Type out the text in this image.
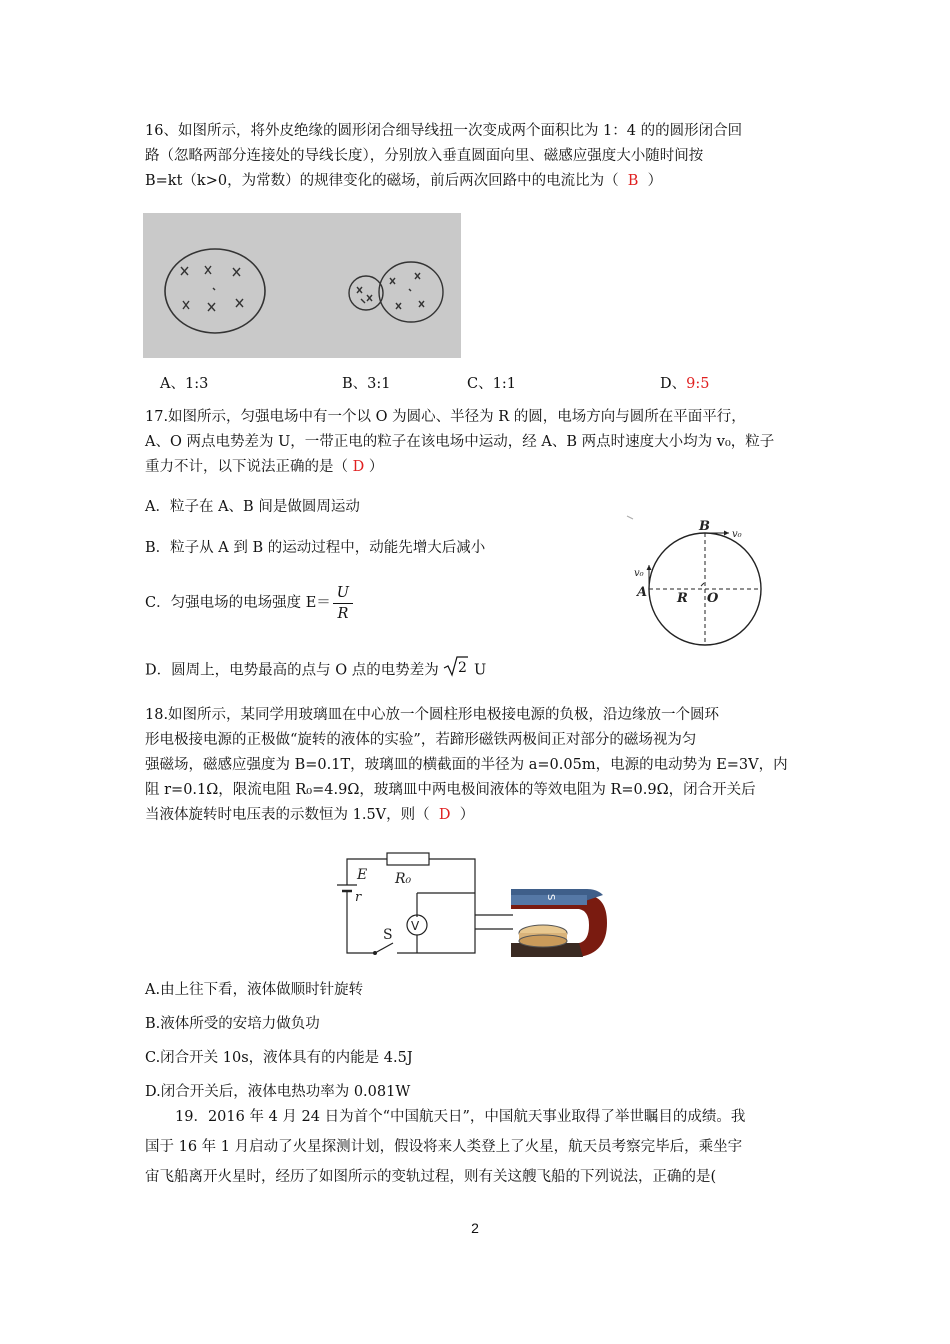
16、如图所示，将外皮绝缘的圆形闭合细导线扭一次变成两个面积比为 1：4 的的圆形闭合回
路（忽略两部分连接处的导线长度），分别放入垂直圆面向里、磁感应强度大小随时间按
B=kt（k>0，为常数）的规律变化的磁场，前后两次回路中的电流比为（ B ）
A、1:3	B、3:1	C、1:1	D、9:5
17.如图所示，匀强电场中有一个以 O 为圆心、半径为 R 的圆，电场方向与圆所在平面平行，
A、O 两点电势差为 U，一带正电的粒子在该电场中运动，经 A、B 两点时速度大小均为 v₀，粒子
重力不计，以下说法正确的是（ D ）
A．粒子在 A、B 间是做圆周运动
B．粒子从 A 到 B 的运动过程中，动能先增大后减小
C．匀强电场的电场强度 $E= \frac{U}{R}$
D．圆周上，电势最高的点与 O 点的电势差为 2 U
B
v₀
v₀
A R O
18.如图所示，某同学用玻璃皿在中心放一个圆柱形电极接电源的负极，沿边缘放一个圆环
形电极接电源的正极做“旋转的液体的实验”，若蹄形磁铁两极间正对部分的磁场视为匀
强磁场，磁感应强度为 B=0.1T，玻璃皿的横截面的半径为 a=0.05m，电源的电动势为 E=3V，内
阻 r=0.1Ω，限流电阻 R₀=4.9Ω，玻璃皿中两电极间液体的等效电阻为 R=0.9Ω，闭合开关后
当液体旋转时电压表的示数恒为 1.5V，则（ D ）
E
r
R₀
V
S
S
A.由上往下看，液体做顺时针旋转
B.液体所受的安培力做负功
C.闭合开关 10s，液体具有的内能是 4.5J
D.闭合开关后，液体电热功率为 0.081W
19．2016 年 4 月 24 日为首个“中国航天日”，中国航天事业取得了举世瞩目的成绩。我
国于 16 年 1 月启动了火星探测计划，假设将来人类登上了火星，航天员考察完毕后，乘坐宇
宙飞船离开火星时，经历了如图所示的变轨过程，则有关这艘飞船的下列说法，正确的是(
2
